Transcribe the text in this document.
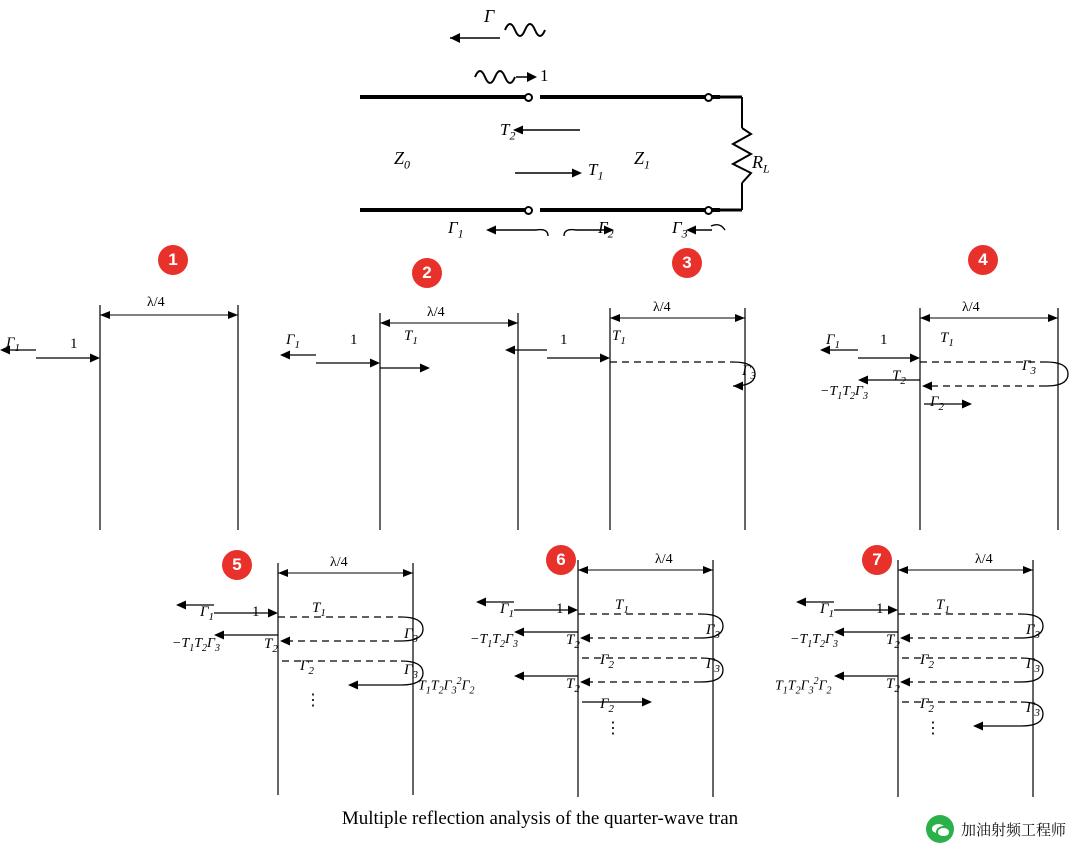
Γ
1
$Z_0$	$Z_1$	$R_L$
$T_2$
$T_1$
$\Gamma_1$	$\Gamma_2$	$\Gamma_3$
1
λ/4
$\Gamma_1$	1
2
λ/4
$\Gamma_1$	1	$T_1$
3
λ/4
1	$T_1$
$\Gamma_3$
4
λ/4
$\Gamma_1$	1	$T_1$
$\Gamma_3$
$T_2$
$-T_1T_2\Gamma_3$	$\Gamma_2$
5	λ/4
$\Gamma_1$	1	$T_1$
$\Gamma_3$
$T_2$
$-T_1T_2\Gamma_3$
$\Gamma_2$	$\Gamma_3$
6	λ/4
$\Gamma_1$	1	$T_1$
$\Gamma_3$
$T_2$
$-T_1T_2\Gamma_3$
$\Gamma_2$	$\Gamma_3$
$T_2$
$T_1T_2\Gamma_3^2\Gamma_2$
$\Gamma_2$
⋮
7	λ/4
$\Gamma_1$	1	$T_1$
$\Gamma_3$
$T_2$
$-T_1T_2\Gamma_3$
$\Gamma_2$	$\Gamma_3$
$T_2$
$T_1T_2\Gamma_3^2\Gamma_2$
$\Gamma_2$	$\Gamma_3$
⋮
⋮
Multiple reflection analysis of the quarter-wave tran
加油射频工程师
